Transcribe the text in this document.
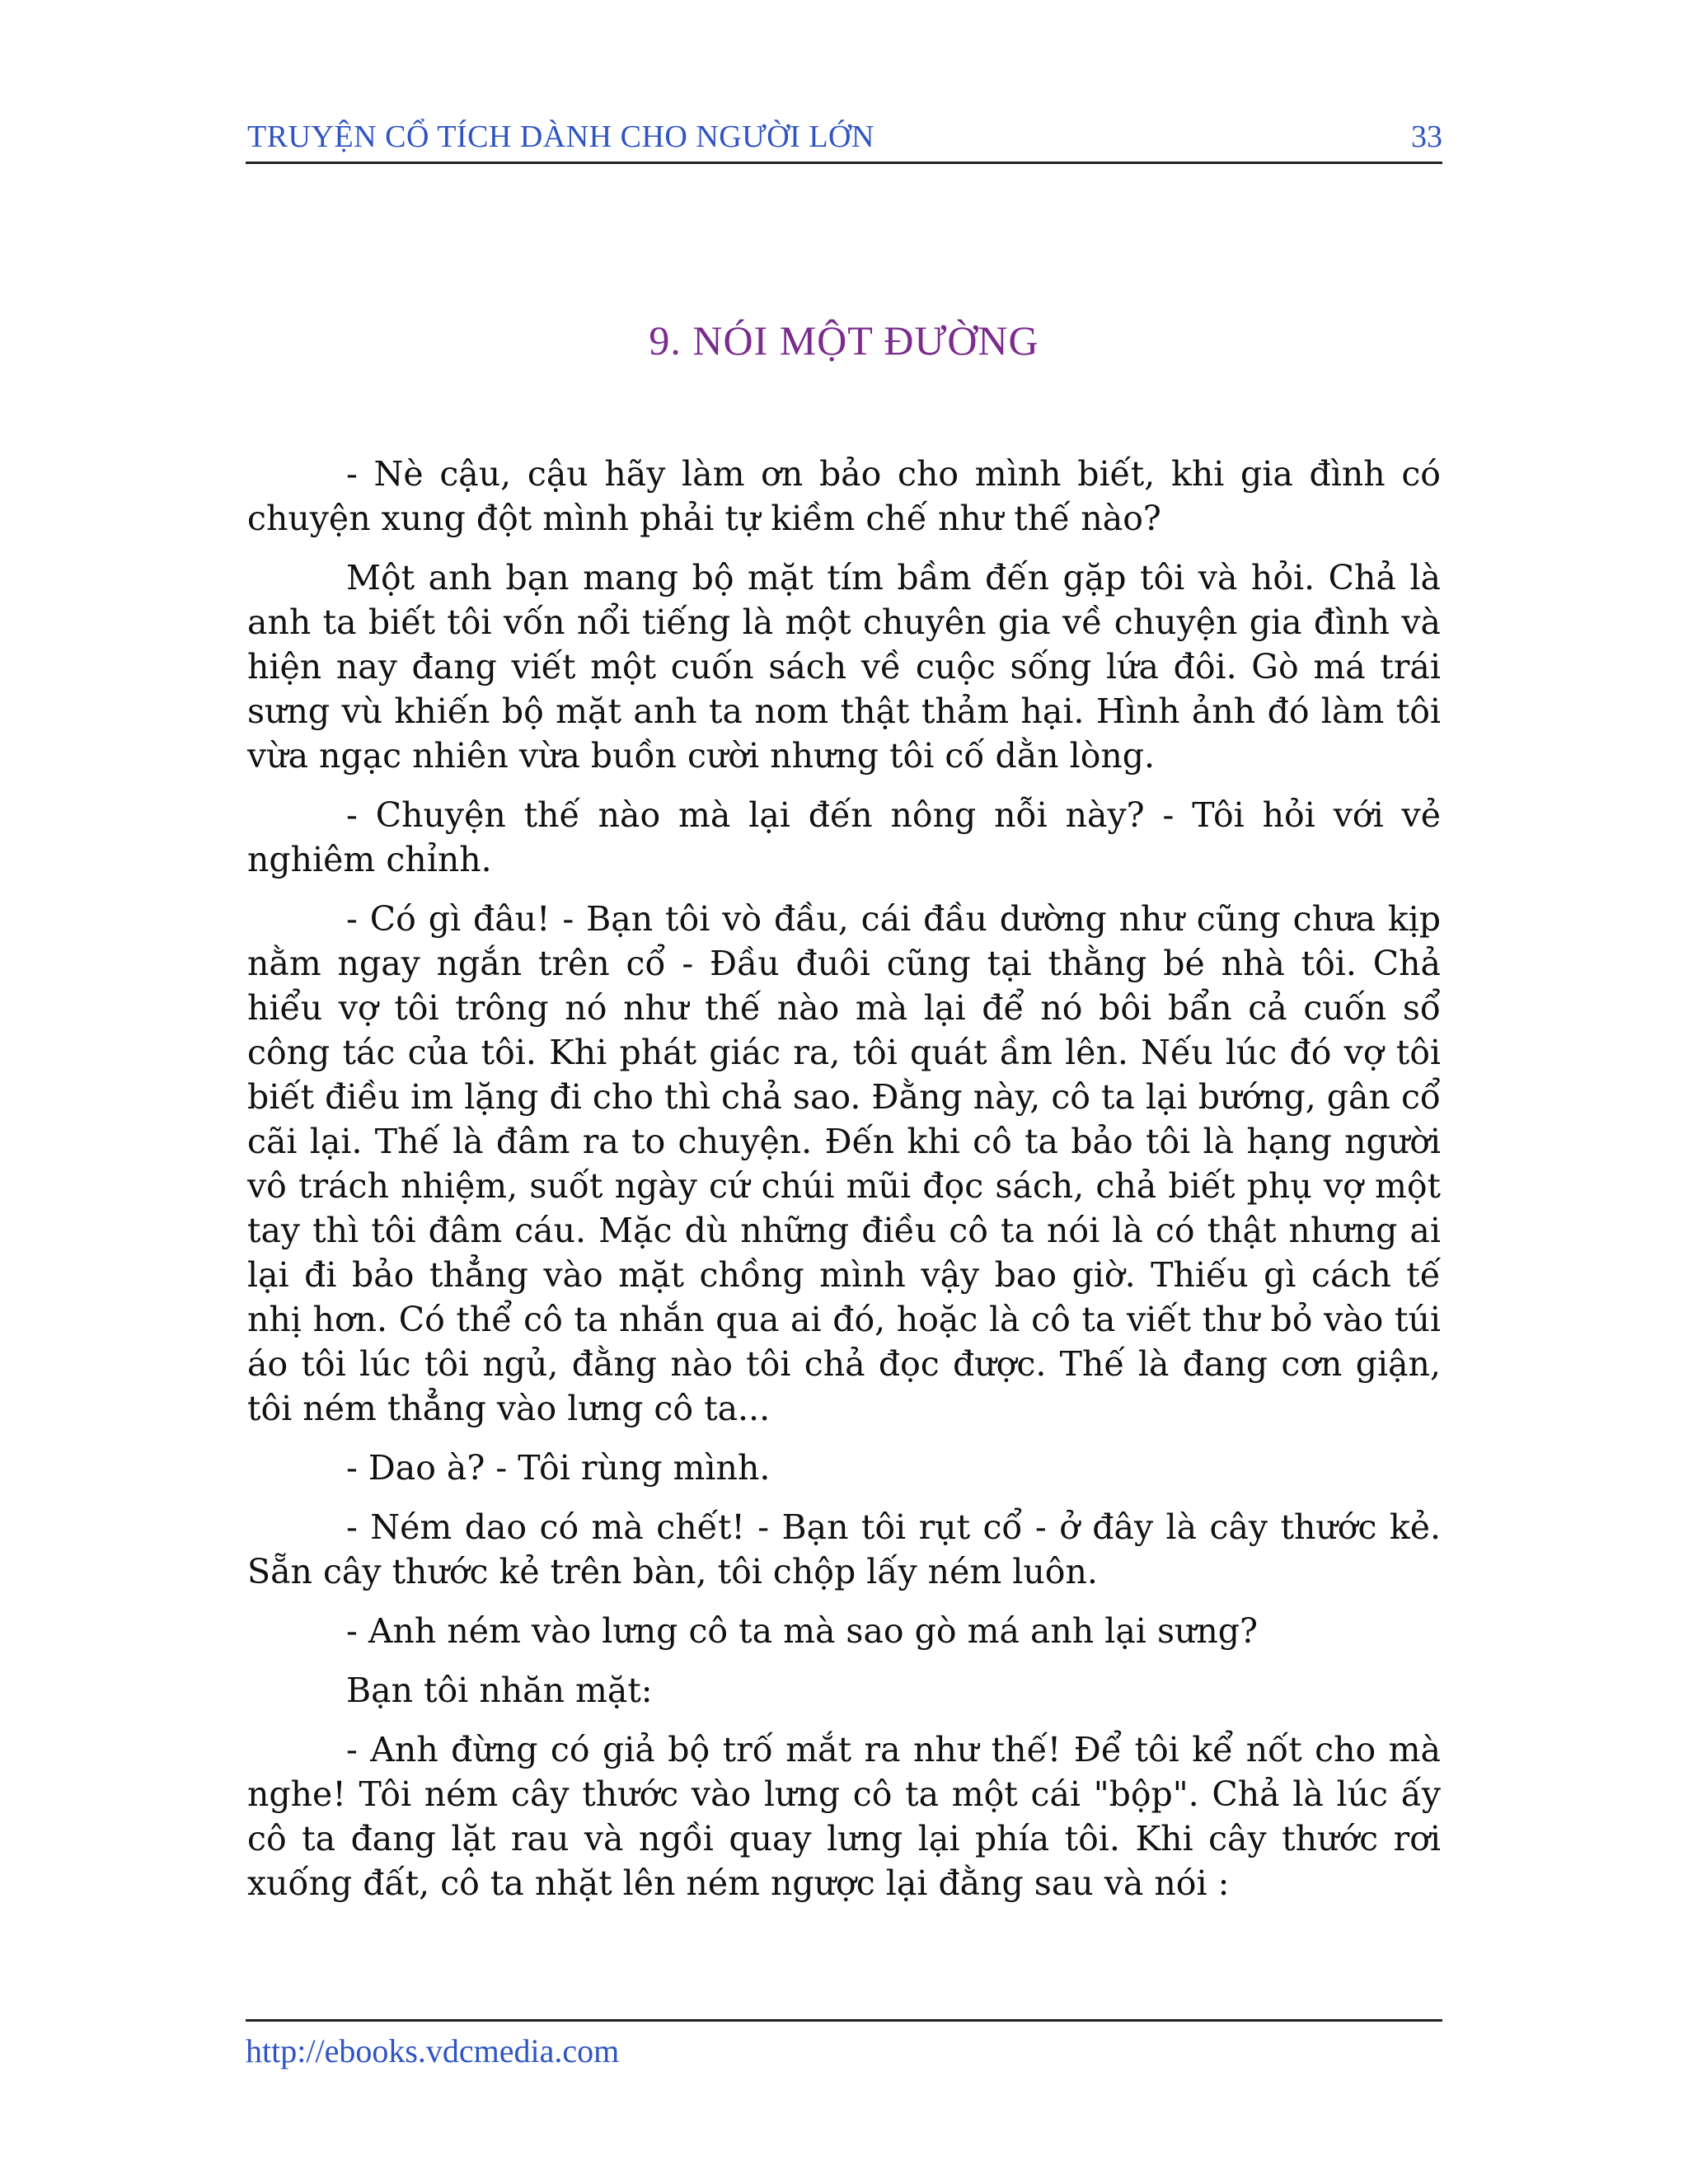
TRUYỆN CỔ TÍCH DÀNH CHO NGƯỜI LỚN	33
9. NÓI MỘT ĐƯỜNG

- Nè cậu, cậu hãy làm ơn bảo cho mình biết, khi gia đình có chuyện xung đột mình phải tự kiềm chế như thế nào?

Một anh bạn mang bộ mặt tím bầm đến gặp tôi và hỏi. Chả là anh ta biết tôi vốn nổi tiếng là một chuyên gia về chuyện gia đình và hiện nay đang viết một cuốn sách về cuộc sống lứa đôi. Gò má trái sưng vù khiến bộ mặt anh ta nom thật thảm hại. Hình ảnh đó làm tôi vừa ngạc nhiên vừa buồn cười nhưng tôi cố dằn lòng.

- Chuyện thế nào mà lại đến nông nỗi này? - Tôi hỏi với vẻ nghiêm chỉnh.

- Có gì đâu! - Bạn tôi vò đầu, cái đầu dường như cũng chưa kịp nằm ngay ngắn trên cổ - Đầu đuôi cũng tại thằng bé nhà tôi. Chả hiểu vợ tôi trông nó như thế nào mà lại để nó bôi bẩn cả cuốn sổ công tác của tôi. Khi phát giác ra, tôi quát ầm lên. Nếu lúc đó vợ tôi biết điều im lặng đi cho thì chả sao. Đằng này, cô ta lại bướng, gân cổ cãi lại. Thế là đâm ra to chuyện. Đến khi cô ta bảo tôi là hạng người vô trách nhiệm, suốt ngày cứ chúi mũi đọc sách, chả biết phụ vợ một tay thì tôi đâm cáu. Mặc dù những điều cô ta nói là có thật nhưng ai lại đi bảo thẳng vào mặt chồng mình vậy bao giờ. Thiếu gì cách tế nhị hơn. Có thể cô ta nhắn qua ai đó, hoặc là cô ta viết thư bỏ vào túi áo tôi lúc tôi ngủ, đằng nào tôi chả đọc được. Thế là đang cơn giận, tôi ném thẳng vào lưng cô ta...

- Dao à? - Tôi rùng mình.

- Ném dao có mà chết! - Bạn tôi rụt cổ - ở đây là cây thước kẻ. Sẵn cây thước kẻ trên bàn, tôi chộp lấy ném luôn.

- Anh ném vào lưng cô ta mà sao gò má anh lại sưng?

Bạn tôi nhăn mặt:

- Anh đừng có giả bộ trố mắt ra như thế! Để tôi kể nốt cho mà nghe! Tôi ném cây thước vào lưng cô ta một cái "bộp". Chả là lúc ấy cô ta đang lặt rau và ngồi quay lưng lại phía tôi. Khi cây thước rơi xuống đất, cô ta nhặt lên ném ngược lại đằng sau và nói :

http://ebooks.vdcmedia.com
